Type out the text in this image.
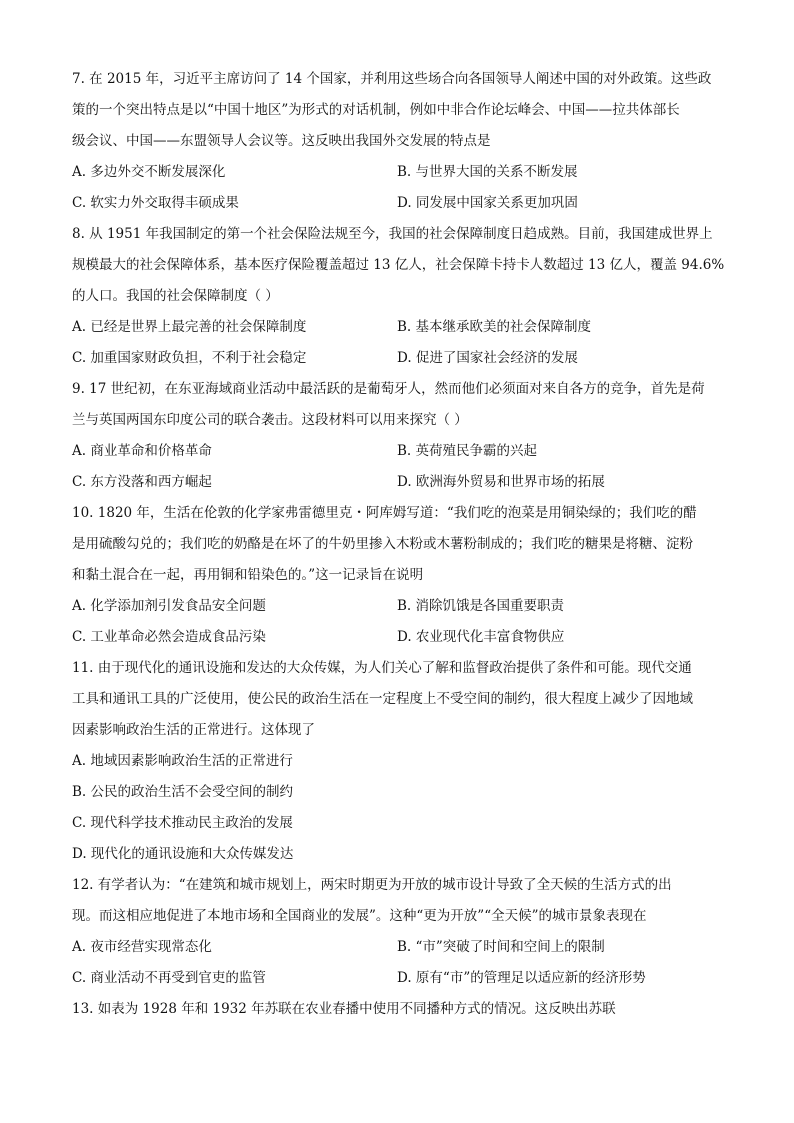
7. 在 2015 年，习近平主席访问了 14 个国家，并利用这些场合向各国领导人阐述中国的对外政策。这些政
策的一个突出特点是以“中国十地区”为形式的对话机制，例如中非合作论坛峰会、中国——拉共体部长
级会议、中国——东盟领导人会议等。这反映出我国外交发展的特点是
A. 多边外交不断发展深化	B. 与世界大国的关系不断发展
C. 软实力外交取得丰硕成果	D. 同发展中国家关系更加巩固
8. 从 1951 年我国制定的第一个社会保险法规至今，我国的社会保障制度日趋成熟。目前，我国建成世界上
规模最大的社会保障体系，基本医疗保险覆盖超过 13 亿人，社会保障卡持卡人数超过 13 亿人，覆盖 94.6%
的人口。我国的社会保障制度（ ）
A. 已经是世界上最完善的社会保障制度	B. 基本继承欧美的社会保障制度
C. 加重国家财政负担，不利于社会稳定	D. 促进了国家社会经济的发展
9. 17 世纪初，在东亚海域商业活动中最活跃的是葡萄牙人，然而他们必须面对来自各方的竞争，首先是荷
兰与英国两国东印度公司的联合袭击。这段材料可以用来探究（ ）
A. 商业革命和价格革命	B. 英荷殖民争霸的兴起
C. 东方没落和西方崛起	D. 欧洲海外贸易和世界市场的拓展
10. 1820 年，生活在伦敦的化学家弗雷德里克・阿库姆写道：“我们吃的泡菜是用铜染绿的；我们吃的醋
是用硫酸勾兑的；我们吃的奶酪是在坏了的牛奶里掺入木粉或木薯粉制成的；我们吃的糖果是将糖、淀粉
和黏土混合在一起，再用铜和铅染色的。”这一记录旨在说明
A. 化学添加剂引发食品安全问题	B. 消除饥饿是各国重要职责
C. 工业革命必然会造成食品污染	D. 农业现代化丰富食物供应
11. 由于现代化的通讯设施和发达的大众传媒，为人们关心了解和监督政治提供了条件和可能。现代交通
工具和通讯工具的广泛使用，使公民的政治生活在一定程度上不受空间的制约，很大程度上减少了因地域
因素影响政治生活的正常进行。这体现了
A. 地域因素影响政治生活的正常进行
B. 公民的政治生活不会受空间的制约
C. 现代科学技术推动民主政治的发展
D. 现代化的通讯设施和大众传媒发达
12. 有学者认为：“在建筑和城市规划上，两宋时期更为开放的城市设计导致了全天候的生活方式的出
现。而这相应地促进了本地市场和全国商业的发展”。这种“更为开放”“全天候”的城市景象表现在
A. 夜市经营实现常态化	B. “市”突破了时间和空间上的限制
C. 商业活动不再受到官吏的监管	D. 原有“市”的管理足以适应新的经济形势
13. 如表为 1928 年和 1932 年苏联在农业春播中使用不同播种方式的情况。这反映出苏联
